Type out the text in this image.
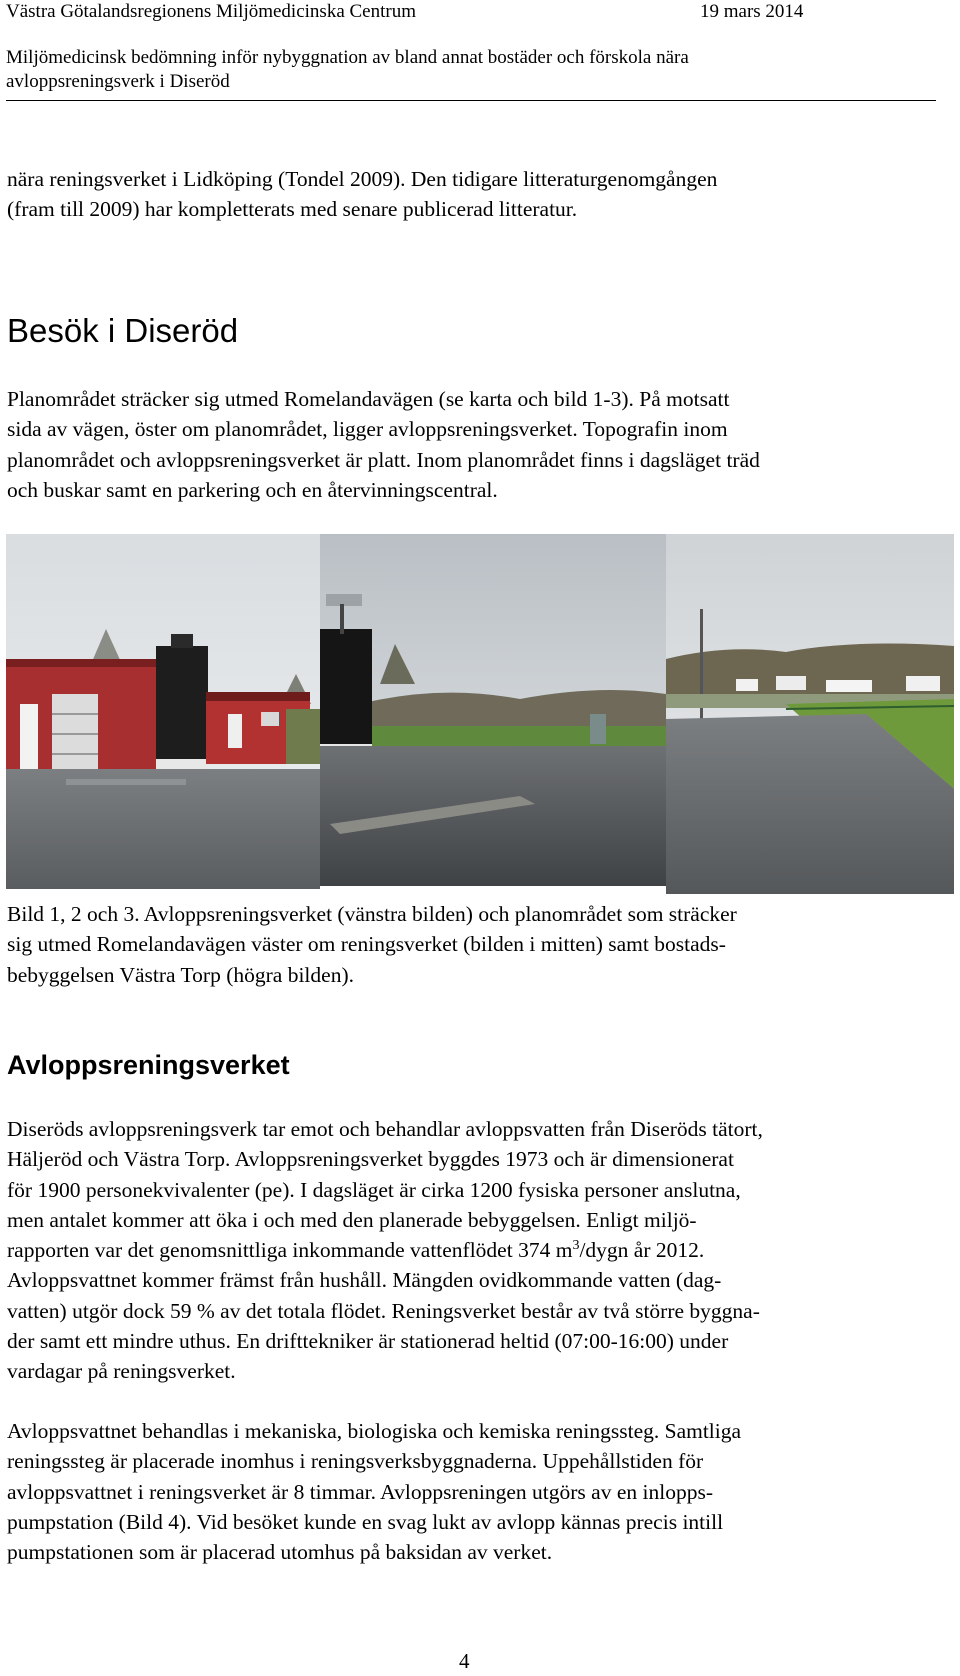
Västra Götalandsregionens Miljömedicinska Centrum	19 mars 2014
Miljömedicinsk bedömning inför nybyggnation av bland annat bostäder och förskola nära
avloppsreningsverk i Diseröd

nära reningsverket i Lidköping (Tondel 2009). Den tidigare litteraturgenomgången

(fram till 2009) har kompletterats med senare publicerad litteratur.

Besök i Diseröd

Planområdet sträcker sig utmed Romelandavägen (se karta och bild 1-3). På motsatt

sida av vägen, öster om planområdet, ligger avloppsreningsverket. Topografin inom

planområdet och avloppsreningsverket är platt. Inom planområdet finns i dagsläget träd

och buskar samt en parkering och en återvinningscentral.

Bild 1, 2 och 3. Avloppsreningsverket (vänstra bilden) och planområdet som sträcker

sig utmed Romelandavägen väster om reningsverket (bilden i mitten) samt bostads-

bebyggelsen Västra Torp (högra bilden).

Avloppsreningsverket

Diseröds avloppsreningsverk tar emot och behandlar avloppsvatten från Diseröds tätort,

Häljeröd och Västra Torp. Avloppsreningsverket byggdes 1973 och är dimensionerat

för 1900 personekvivalenter (pe). I dagsläget är cirka 1200 fysiska personer anslutna,

men antalet kommer att öka i och med den planerade bebyggelsen. Enligt miljö-

rapporten var det genomsnittliga inkommande vattenflödet 374 $m^3$/dygn år 2012.

Avloppsvattnet kommer främst från hushåll. Mängden ovidkommande vatten (dag-

vatten) utgör dock 59 % av det totala flödet. Reningsverket består av två större byggna-

der samt ett mindre uthus. En drifttekniker är stationerad heltid (07:00-16:00) under

vardagar på reningsverket.

Avloppsvattnet behandlas i mekaniska, biologiska och kemiska reningssteg. Samtliga

reningssteg är placerade inomhus i reningsverksbyggnaderna. Uppehållstiden för

avloppsvattnet i reningsverket är 8 timmar. Avloppsreningen utgörs av en inlopps-

pumpstation (Bild 4). Vid besöket kunde en svag lukt av avlopp kännas precis intill

pumpstationen som är placerad utomhus på baksidan av verket.

4
